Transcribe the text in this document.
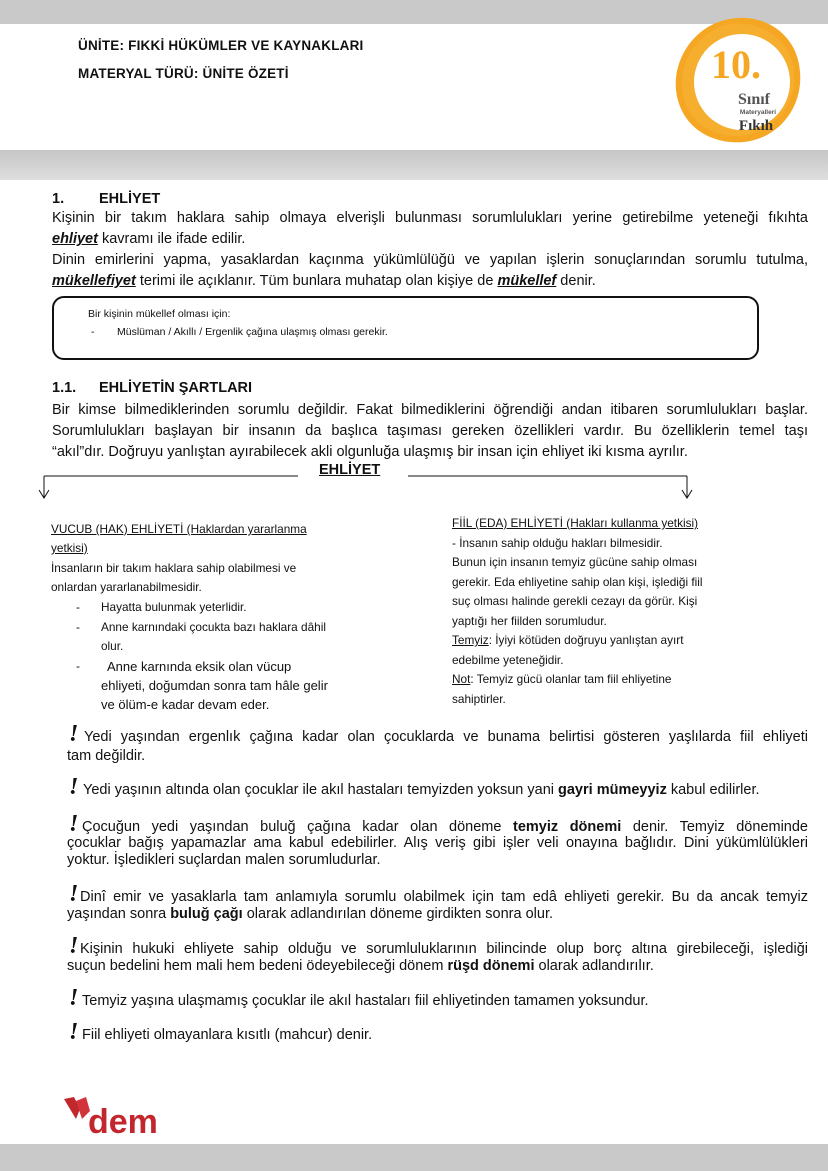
ÜNİTE: FIKKİ HÜKÜMLER VE KAYNAKLARI
MATERYAL TÜRÜ: ÜNİTE ÖZETİ	10.
Sınıf
Materyalleri
Fıkıh
1. EHLİYET
Kişinin bir takım haklara sahip olmaya elverişli bulunması sorumlulukları yerine getirebilme yeteneği fıkıhta
ehliyet kavramı ile ifade edilir.
Dinin emirlerini yapma, yasaklardan kaçınma yükümlülüğü ve yapılan işlerin sonuçlarından sorumlu tutulma,
mükellefiyet terimi ile açıklanır. Tüm bunlara muhatap olan kişiye de mükellef denir.
Bir kişinin mükellef olması için:
- Müslüman / Akıllı / Ergenlik çağına ulaşmış olması gerekir.
1.1. EHLİYETİN ŞARTLARI
Bir kimse bilmediklerinden sorumlu değildir. Fakat bilmediklerini öğrendiği andan itibaren sorumlulukları başlar.
Sorumlulukları başlayan bir insanın da başlıca taşıması gereken özellikleri vardır. Bu özelliklerin temel taşı
“akıl”dır. Doğruyu yanlıştan ayırabilecek akli olgunluğa ulaşmış bir insan için ehliyet iki kısma ayrılır.
EHLİYET
VUCUB (HAK) EHLİYETİ (Haklardan yararlanma
yetkisi)
İnsanların bir takım haklara sahip olabilmesi ve
onlardan yararlanabilmesidir.
- Hayatta bulunmak yeterlidir.
- Anne karnındaki çocukta bazı haklara dâhil
olur.
- Anne karnında eksik olan vücup
ehliyeti, doğumdan sonra tam hâle gelir
ve ölüm-e kadar devam eder.
FİİL (EDA) EHLİYETİ (Hakları kullanma yetkisi)
- İnsanın sahip olduğu hakları bilmesidir.
Bunun için insanın temyiz gücüne sahip olması
gerekir. Eda ehliyetine sahip olan kişi, işlediği fiil
suç olması halinde gerekli cezayı da görür. Kişi
yaptığı her fiilden sorumludur.
Temyiz: İyiyi kötüden doğruyu yanlıştan ayırt
edebilme yeteneğidir.
Not: Temyiz gücü olanlar tam fiil ehliyetine
sahiptirler.
! Yedi yaşından ergenlık çağına kadar olan çocuklarda ve bunama belirtisi gösteren yaşlılarda fiil ehliyeti
tam değildir.
! Yedi yaşının altında olan çocuklar ile akıl hastaları temyizden yoksun yani gayri mümeyyiz kabul edilirler.
! Çocuğun yedi yaşından buluğ çağına kadar olan döneme temyiz dönemi denir. Temyiz döneminde
çocuklar bağış yapamazlar ama kabul edebilirler. Alış veriş gibi işler veli onayına bağlıdır. Dini yükümlülükleri
yoktur. İşledikleri suçlardan malen sorumludurlar.
! Dinî emir ve yasaklarla tam anlamıyla sorumlu olabilmek için tam edâ ehliyeti gerekir. Bu da ancak temyiz
yaşından sonra buluğ çağı olarak adlandırılan döneme girdikten sonra olur.
! Kişinin hukuki ehliyete sahip olduğu ve sorumluluklarının bilincinde olup borç altına girebileceği, işlediği
suçun bedelini hem mali hem bedeni ödeyebileceği dönem rüşd dönemi olarak adlandırılır.
! Temyiz yaşına ulaşmamış çocuklar ile akıl hastaları fiil ehliyetinden tamamen yoksundur.
! Fiil ehliyeti olmayanlara kısıtlı (mahcur) denir.
dem
